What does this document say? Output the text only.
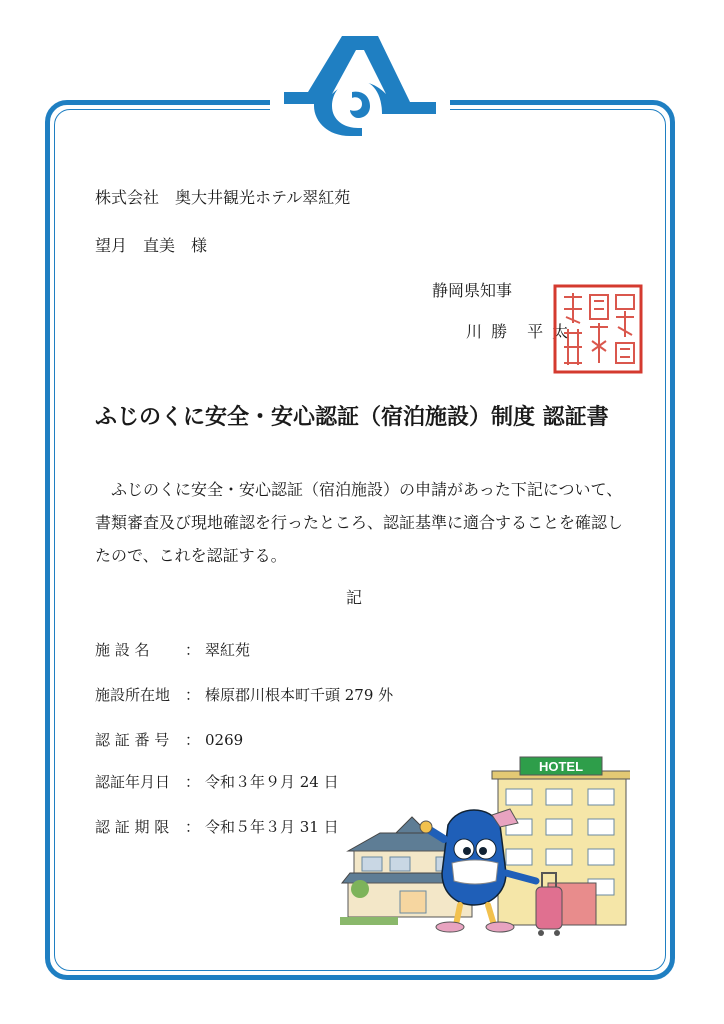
株式会社　奥大井観光ホテル翠紅苑
望月　直美　様
静岡県知事
川 勝　平 太
ふじのくに安全・安心認証（宿泊施設）制度 認証書

　ふじのくに安全・安心認証（宿泊施設）の申請があった下記について、

書類審査及び現地確認を行ったところ、認証基準に適合することを確認し

たので、これを認証する。

記
施 設 名 ： 翠紅苑
施設所在地 ： 榛原郡川根本町千頭 279 外
認 証 番 号 ： 0269
認証年月日 ： 令和３年９月 24 日
認 証 期 限 ： 令和５年３月 31 日
HOTEL
